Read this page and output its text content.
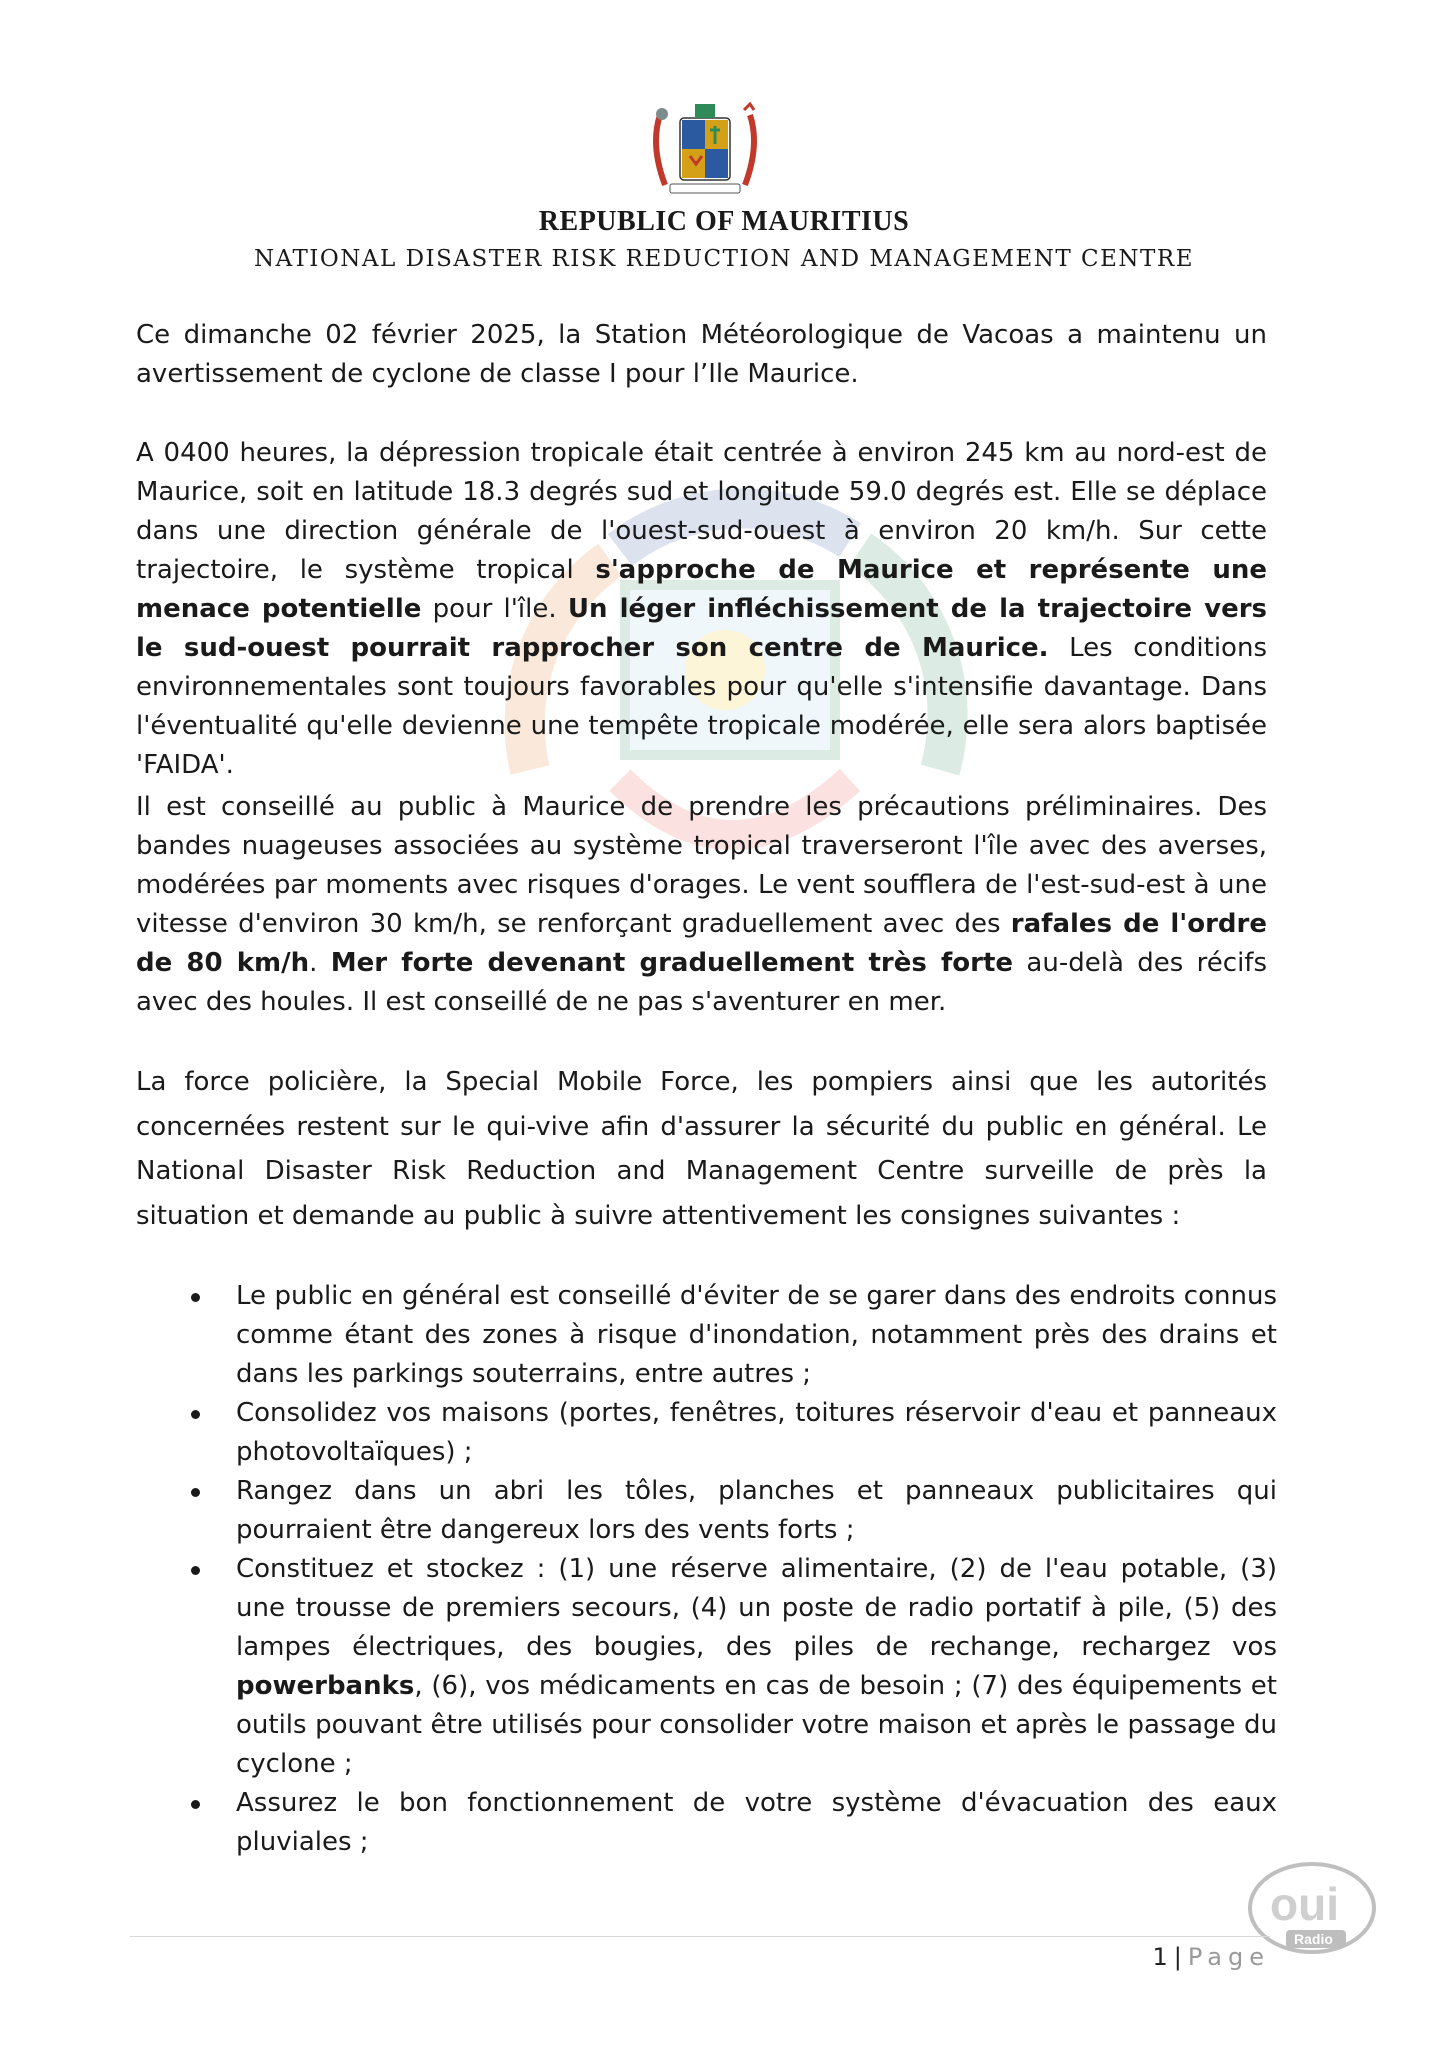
REPUBLIC OF MAURITIUS
NATIONAL DISASTER RISK REDUCTION AND MANAGEMENT CENTRE
Ce dimanche 02 février 2025, la Station Météorologique de Vacoas a maintenu un avertissement de cyclone de classe I pour l’Ile Maurice.
A 0400 heures, la dépression tropicale était centrée à environ 245 km au nord-est de Maurice, soit en latitude 18.3 degrés sud et longitude 59.0 degrés est. Elle se déplace dans une direction générale de l'ouest-sud-ouest à environ 20 km/h. Sur cette trajectoire, le système tropical s'approche de Maurice et représente une menace potentielle pour l'île. Un léger infléchissement de la trajectoire vers le sud-ouest pourrait rapprocher son centre de Maurice. Les conditions environnementales sont toujours favorables pour qu'elle s'intensifie davantage. Dans l'éventualité qu'elle devienne une tempête tropicale modérée, elle sera alors baptisée 'FAIDA'.
Il est conseillé au public à Maurice de prendre les précautions préliminaires. Des bandes nuageuses associées au système tropical traverseront l'île avec des averses, modérées par moments avec risques d'orages. Le vent soufflera de l'est-sud-est à une vitesse d'environ 30 km/h, se renforçant graduellement avec des rafales de l'ordre de 80 km/h. Mer forte devenant graduellement très forte au-delà des récifs avec des houles. Il est conseillé de ne pas s'aventurer en mer.
La force policière, la Special Mobile Force, les pompiers ainsi que les autorités concernées restent sur le qui-vive afin d'assurer la sécurité du public en général. Le National Disaster Risk Reduction and Management Centre surveille de près la situation et demande au public à suivre attentivement les consignes suivantes :
Le public en général est conseillé d'éviter de se garer dans des endroits connus comme étant des zones à risque d'inondation, notamment près des drains et dans les parkings souterrains, entre autres ;
Consolidez vos maisons (portes, fenêtres, toitures réservoir d'eau et panneaux photovoltaïques) ;
Rangez dans un abri les tôles, planches et panneaux publicitaires qui pourraient être dangereux lors des vents forts ;
Constituez et stockez : (1) une réserve alimentaire, (2) de l'eau potable, (3) une trousse de premiers secours, (4) un poste de radio portatif à pile, (5) des lampes électriques, des bougies, des piles de rechange, rechargez vos powerbanks, (6), vos médicaments en cas de besoin ; (7) des équipements et outils pouvant être utilisés pour consolider votre maison et après le passage du cyclone ;
Assurez le bon fonctionnement de votre système d'évacuation des eaux pluviales ;
oui
Radio
1 | Page
